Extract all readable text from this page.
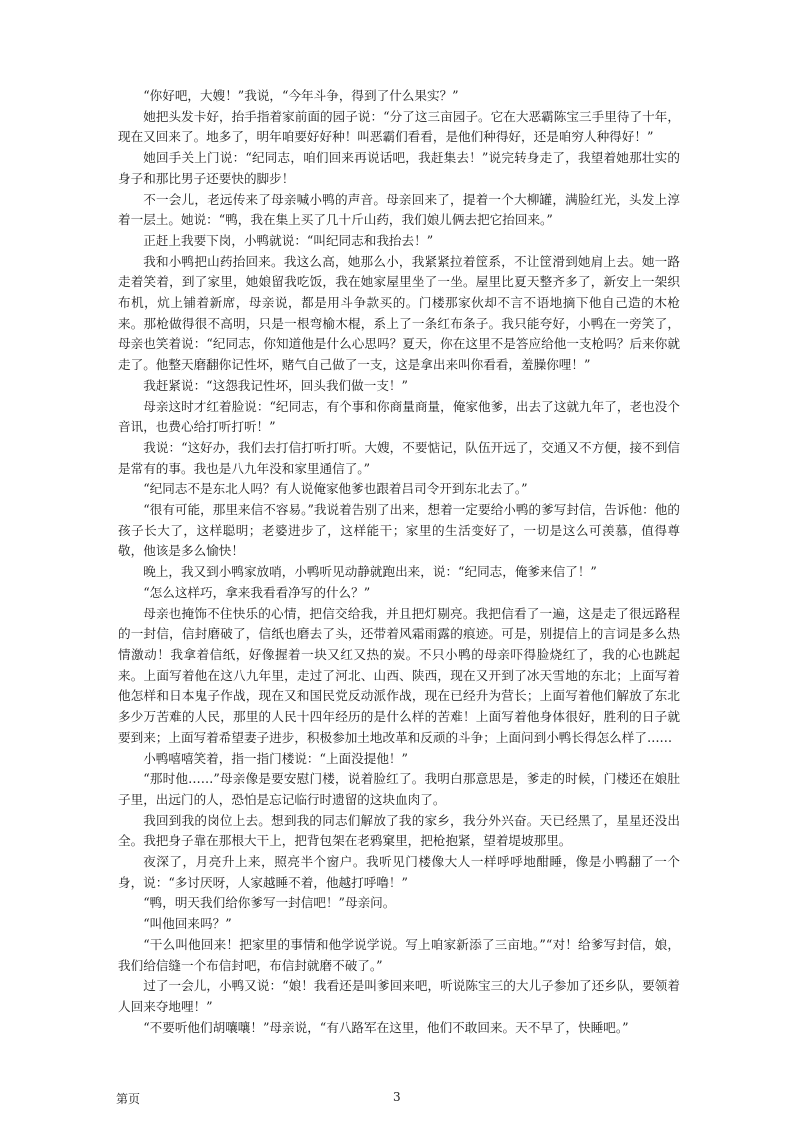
“你好吧，大嫂！”我说，“今年斗争，得到了什么果实？”

她把头发卡好，抬手指着家前面的园子说：“分了这三亩园子。它在大恶霸陈宝三手里待了十年，现在又回来了。地多了，明年咱要好好种！叫恶霸们看看，是他们种得好，还是咱穷人种得好！”

她回手关上门说：“纪同志，咱们回来再说话吧，我赶集去！”说完转身走了，我望着她那壮实的身子和那比男子还要快的脚步！

不一会儿，老远传来了母亲喊小鸭的声音。母亲回来了，提着一个大柳罐，满脸红光，头发上淳着一层土。她说：“鸭，我在集上买了几十斤山药，我们娘儿俩去把它抬回来。”

正赶上我要下岗，小鸭就说：“叫纪同志和我抬去！”

我和小鸭把山药抬回来。我这么高，她那么小，我紧紧拉着筐系，不让筐滑到她肩上去。她一路走着笑着，到了家里，她娘留我吃饭，我在她家屋里坐了一坐。屋里比夏天整齐多了，新安上一架织布机，炕上铺着新席，母亲说，都是用斗争款买的。门楼那家伙却不言不语地摘下他自己造的木枪来。那枪做得很不高明，只是一根弯榆木棍，系上了一条红布条子。我只能夸好，小鸭在一旁笑了，母亲也笑着说：“纪同志，你知道他是什么心思吗？夏天，你在这里不是答应给他一支枪吗？后来你就走了。他整天磨翻你记性坏，赌气自己做了一支，这是拿出来叫你看看，羞臊你哩！”

我赶紧说：“这怨我记性坏，回头我们做一支！”

母亲这时才红着脸说：“纪同志，有个事和你商量商量，俺家他爹，出去了这就九年了，老也没个音讯，也费心给打听打听！”

我说：“这好办，我们去打信打听打听。大嫂，不要惦记，队伍开远了，交通又不方便，接不到信是常有的事。我也是八九年没和家里通信了。”

“纪同志不是东北人吗？有人说俺家他爹也跟着吕司令开到东北去了。”

“很有可能，那里来信不容易。”我说着告别了出来，想着一定要给小鸭的爹写封信，告诉他：他的孩子长大了，这样聪明；老婆进步了，这样能干；家里的生活变好了，一切是这么可羡慕，值得尊敬，他该是多么愉快！

晚上，我又到小鸭家放哨，小鸭听见动静就跑出来，说：“纪同志，俺爹来信了！”

“怎么这样巧，拿来我看看净写的什么？”

母亲也掩饰不住快乐的心情，把信交给我，并且把灯剔亮。我把信看了一遍，这是走了很远路程的一封信，信封磨破了，信纸也磨去了头，还带着风霜雨露的痕迹。可是，别提信上的言词是多么热情激动！我拿着信纸，好像握着一块又红又热的炭。不只小鸭的母亲吓得脸烧红了，我的心也跳起来。上面写着他在这八九年里，走过了河北、山西、陕西，现在又开到了冰天雪地的东北；上面写着他怎样和日本鬼子作战，现在又和国民党反动派作战，现在已经升为营长；上面写着他们解放了东北多少万苦难的人民，那里的人民十四年经历的是什么样的苦难！上面写着他身体很好，胜利的日子就要到来；上面写着希望妻子进步，积极参加土地改革和反顽的斗争；上面问到小鸭长得怎么样了……

小鸭嘻嘻笑着，指一指门楼说：“上面没提他！”

“那时他……”母亲像是要安慰门楼，说着脸红了。我明白那意思是，爹走的时候，门楼还在娘肚子里，出远门的人，恐怕是忘记临行时遗留的这块血肉了。

我回到我的岗位上去。想到我的同志们解放了我的家乡，我分外兴奋。天已经黑了，星星还没出全。我把身子靠在那根大干上，把背包架在老鸦窠里，把枪抱紧，望着堤坡那里。

夜深了，月亮升上来，照亮半个窗户。我听见门楼像大人一样呼呼地酣睡，像是小鸭翻了一个身，说：“多讨厌呀，人家越睡不着，他越打呼噜！”

“鸭，明天我们给你爹写一封信吧！”母亲问。

“叫他回来吗？”

“干么叫他回来！把家里的事情和他学说学说。写上咱家新添了三亩地。”“对！给爹写封信，娘，我们给信缝一个布信封吧，布信封就磨不破了。”

过了一会儿，小鸭又说：“娘！我看还是叫爹回来吧，听说陈宝三的大儿子参加了还乡队，要领着人回来夺地哩！”

“不要听他们胡嚷嚷！”母亲说，“有八路军在这里，他们不敢回来。天不早了，快睡吧。”

第页	3
